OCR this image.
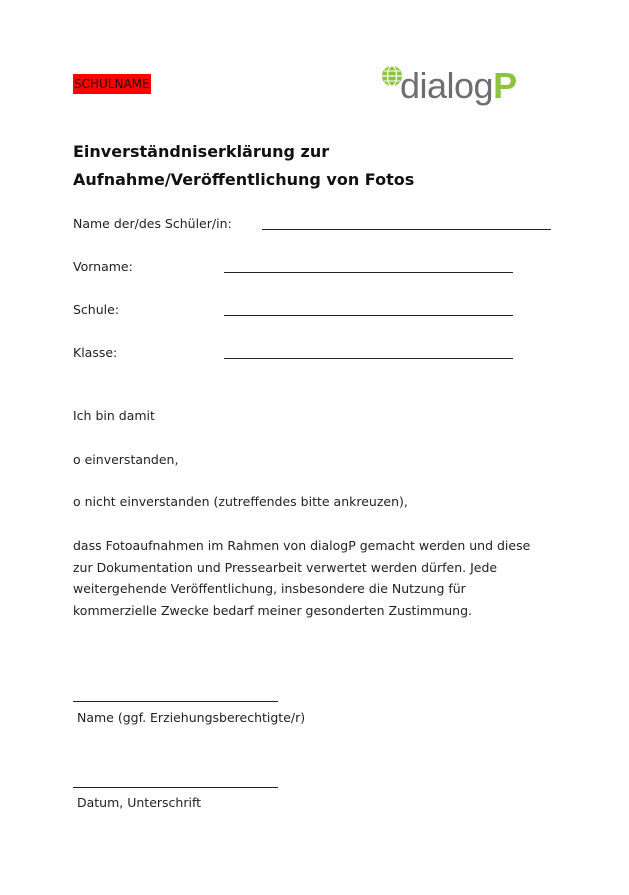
SCHULNAME	dialogP
Einverständniserklärung zur Aufnahme/Veröffentlichung von Fotos
Name der/des Schüler/in:
Vorname:
Schule:
Klasse:
Ich bin damit
o einverstanden,
o nicht einverstanden (zutreffendes bitte ankreuzen),
dass Fotoaufnahmen im Rahmen von dialogP gemacht werden und diese zur Dokumentation und Pressearbeit verwertet werden dürfen. Jede weitergehende Veröffentlichung, insbesondere die Nutzung für kommerzielle Zwecke bedarf meiner gesonderten Zustimmung.
Name (ggf. Erziehungsberechtigte/r)
Datum, Unterschrift
